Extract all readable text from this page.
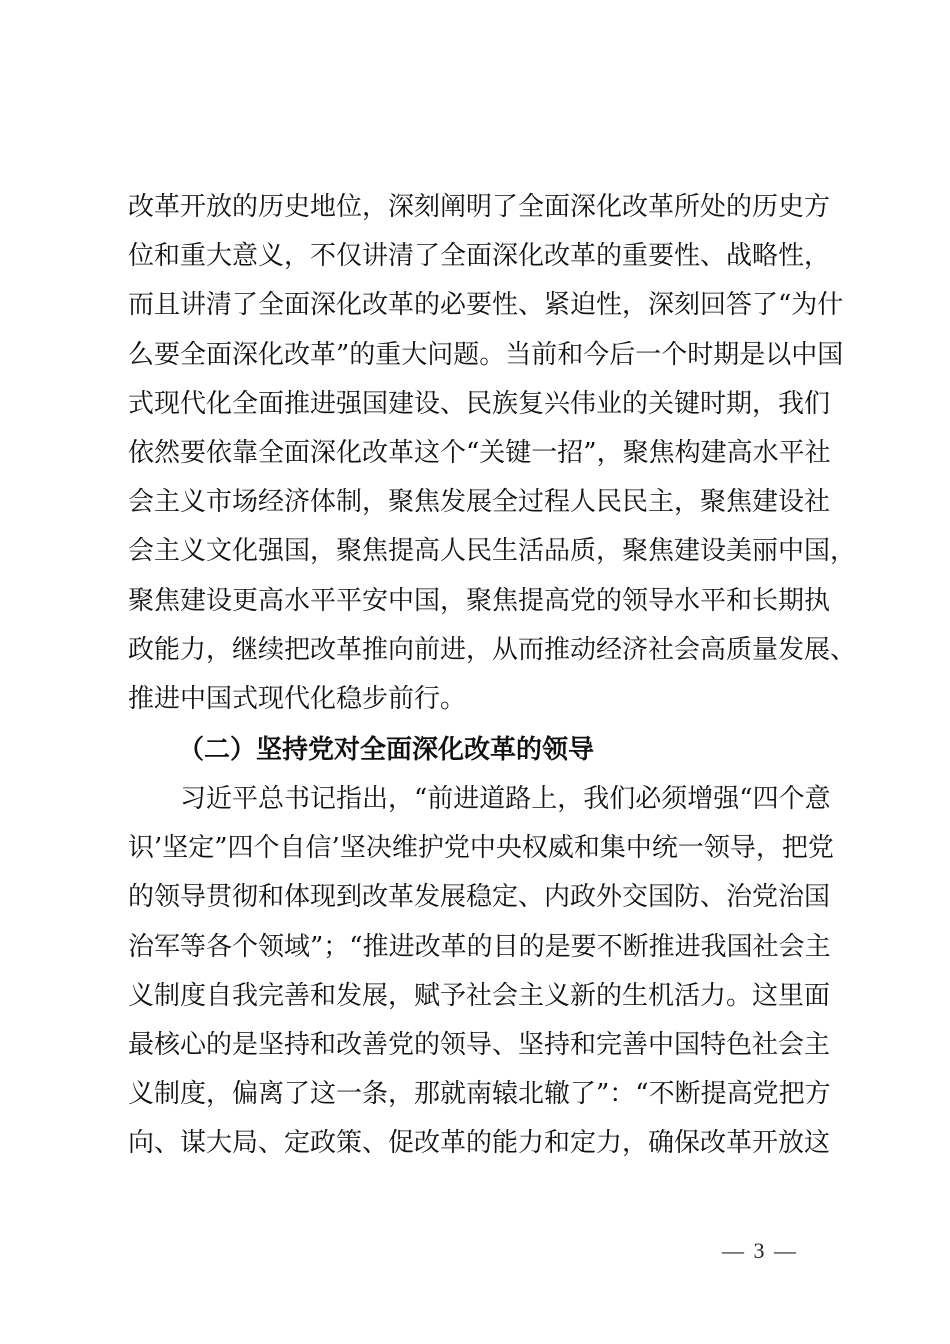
改革开放的历史地位，深刻阐明了全面深化改革所处的历史方
位和重大意义，不仅讲清了全面深化改革的重要性、战略性，
而且讲清了全面深化改革的必要性、紧迫性，深刻回答了“为什
么要全面深化改革”的重大问题。当前和今后一个时期是以中国
式现代化全面推进强国建设、民族复兴伟业的关键时期，我们
依然要依靠全面深化改革这个“关键一招”，聚焦构建高水平社
会主义市场经济体制，聚焦发展全过程人民民主，聚焦建设社
会主义文化强国，聚焦提高人民生活品质，聚焦建设美丽中国，
聚焦建设更高水平平安中国，聚焦提高党的领导水平和长期执
政能力，继续把改革推向前进，从而推动经济社会高质量发展、
推进中国式现代化稳步前行。
（二）坚持党对全面深化改革的领导
　　习近平总书记指出，“前进道路上，我们必须增强“四个意
识’坚定”四个自信’坚决维护党中央权威和集中统一领导，把党
的领导贯彻和体现到改革发展稳定、内政外交国防、治党治国
治军等各个领域”；“推进改革的目的是要不断推进我国社会主
义制度自我完善和发展，赋予社会主义新的生机活力。这里面
最核心的是坚持和改善党的领导、坚持和完善中国特色社会主
义制度，偏离了这一条，那就南辕北辙了”：“不断提高党把方
向、谋大局、定政策、促改革的能力和定力，确保改革开放这
— 3 —
